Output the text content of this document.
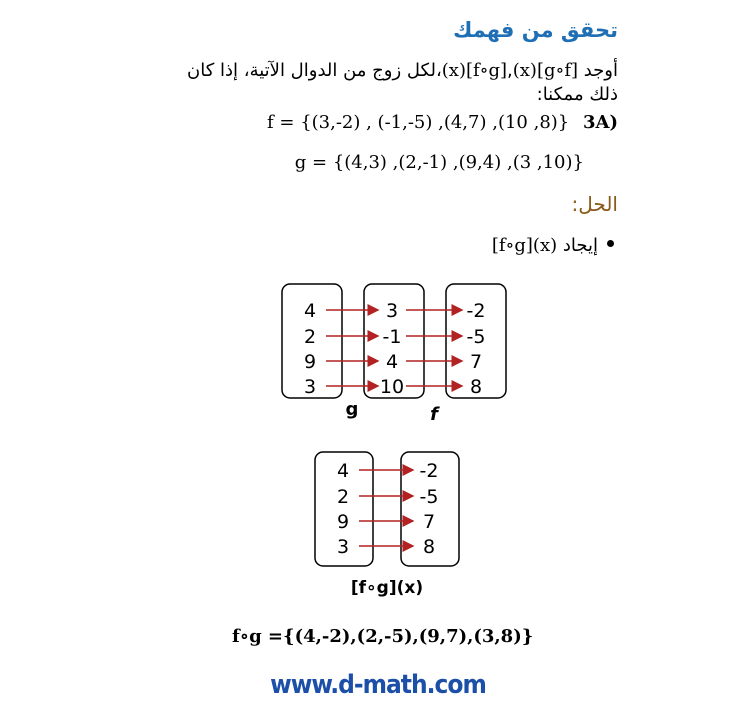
تحقق من فهمك
أوجد (x)[g∘f],(x)[f∘g]،لكل زوج من الدوال الآتية، إذا كان
ذلك ممكنا:
f = {(3,-2) , (-1,-5) ,(4,7) ,(10 ,8)} 3A)
g = {(4,3) ,(2,-1) ,(9,4) ,(3 ,10)}
الحل:
إيجاد [f∘g](x)
4
2
9
3
3
-1
4
10
-2
-5
7
8
g	f
4
2
9
3
-2
-5
7
8
[f∘g](x)
f∘g ={(4,-2),(2,-5),(9,7),(3,8)}
www.d-math.com
